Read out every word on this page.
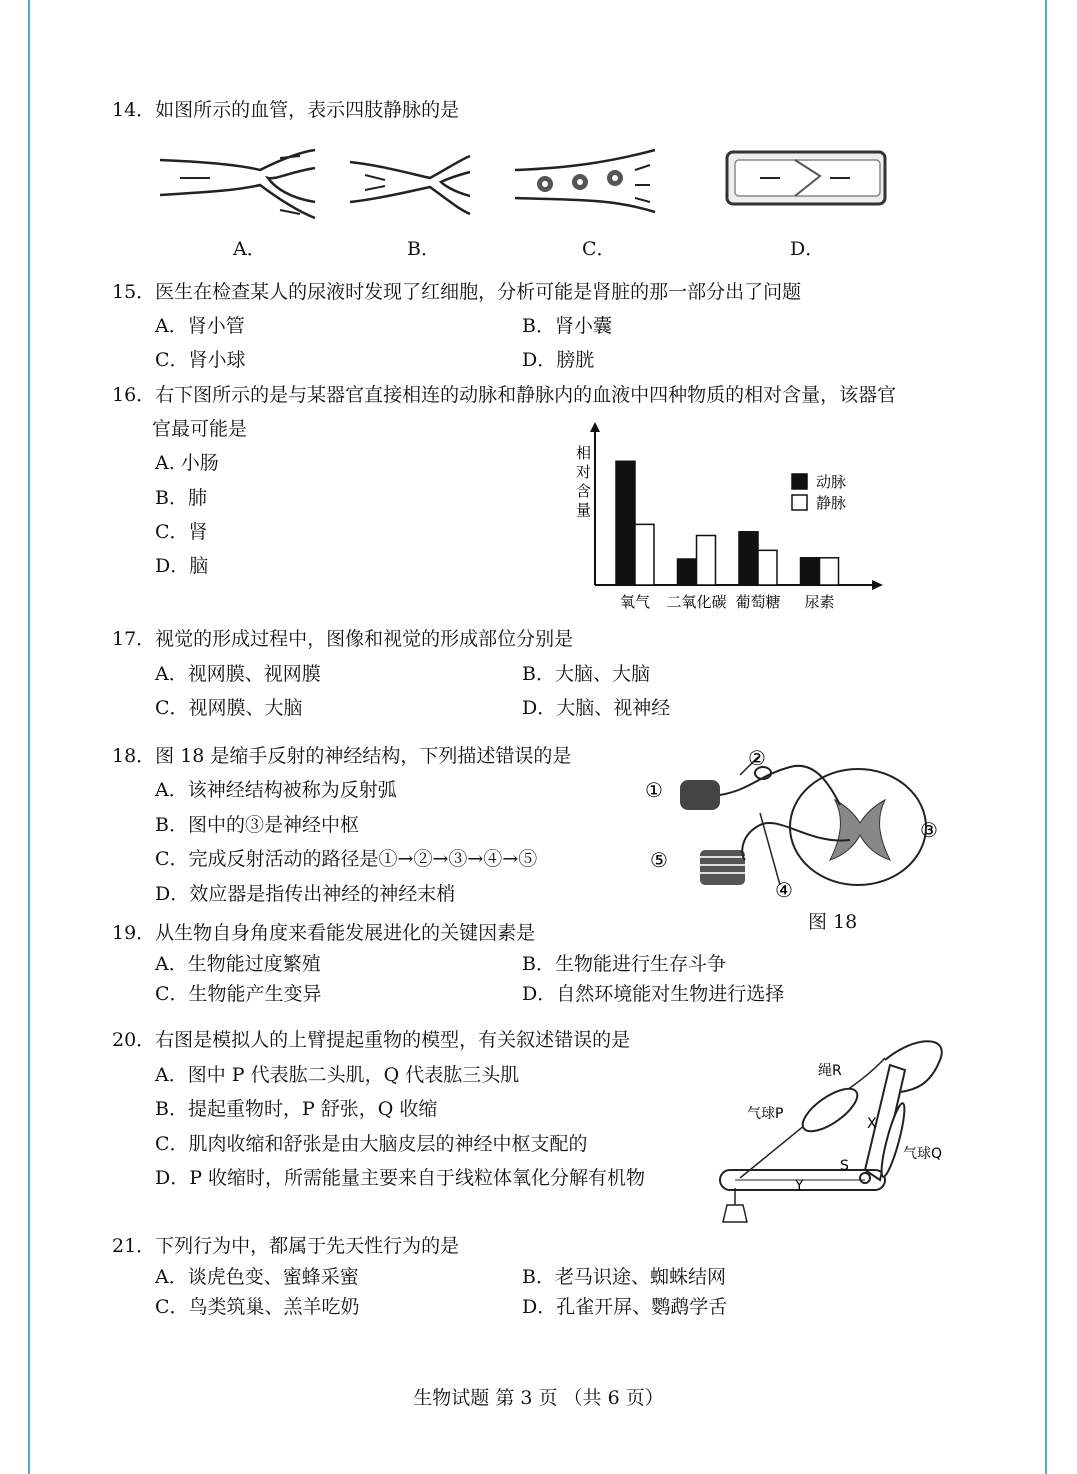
14．如图所示的血管，表示四肢静脉的是
A．	B．	C．	D．
15．医生在检查某人的尿液时发现了红细胞，分析可能是肾脏的那一部分出了问题
A．肾小管	B．肾小囊
C．肾小球	D．膀胱
16．右下图所示的是与某器官直接相连的动脉和静脉内的血液中四种物质的相对含量，该器官
官最可能是
A. 小肠
B．肺
C．肾
D．脑
相对含量
氧气 二氧化碳 葡萄糖 尿素
动脉
静脉
17．视觉的形成过程中，图像和视觉的形成部位分别是
A．视网膜、视网膜	B．大脑、大脑
C．视网膜、大脑	D．大脑、视神经
18．图 18 是缩手反射的神经结构，下列描述错误的是
A．该神经结构被称为反射弧
B．图中的③是神经中枢
C．完成反射活动的路径是①→②→③→④→⑤
D．效应器是指传出神经的神经末梢
①
②
③
④
⑤
图 18
19．从生物自身角度来看能发展进化的关键因素是
A．生物能过度繁殖	B．生物能进行生存斗争
C．生物能产生变异	D．自然环境能对生物进行选择
20．右图是模拟人的上臂提起重物的模型，有关叙述错误的是
A．图中 P 代表肱二头肌，Q 代表肱三头肌
B．提起重物时，P 舒张，Q 收缩
C．肌肉收缩和舒张是由大脑皮层的神经中枢支配的
D．P 收缩时，所需能量主要来自于线粒体氧化分解有机物
绳R
气球P
气球Q
X
Y
S
21．下列行为中，都属于先天性行为的是
A．谈虎色变、蜜蜂采蜜	B．老马识途、蜘蛛结网
C．鸟类筑巢、羔羊吃奶	D．孔雀开屏、鹦鹉学舌
生物试题 第 3 页 （共 6 页）
